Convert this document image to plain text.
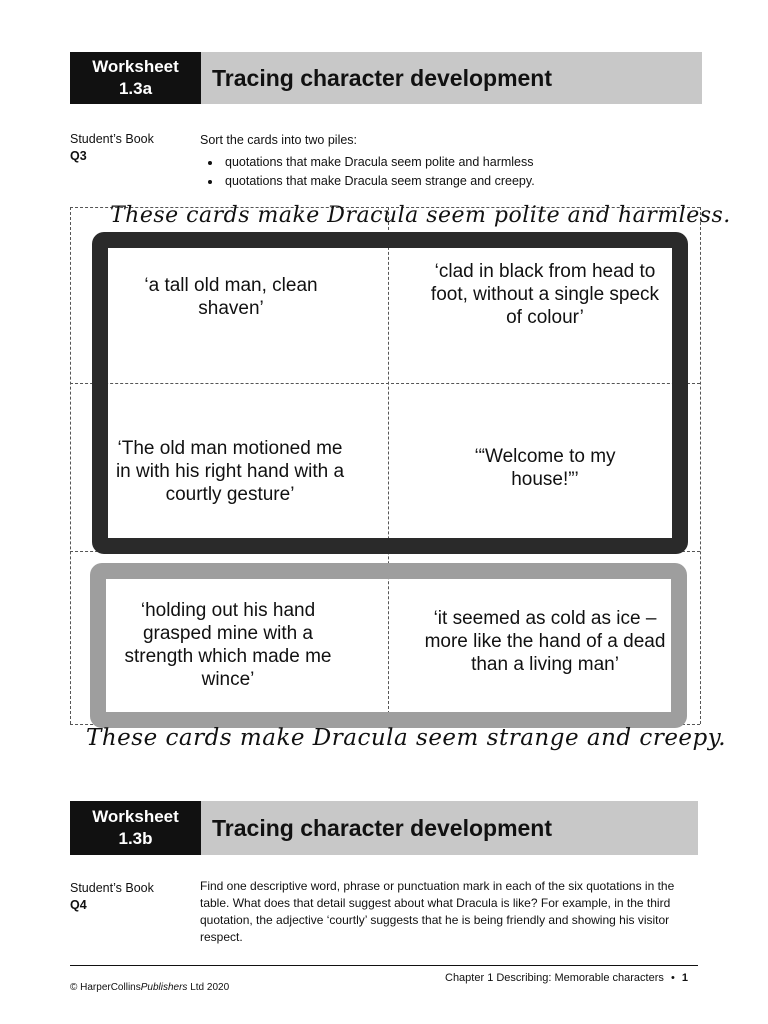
Worksheet
1.3a	Tracing character development
Student’s Book
Q3
Sort the cards into two piles:
• quotations that make Dracula seem polite and harmless
• quotations that make Dracula seem strange and creepy.
‘a tall old man, clean shaven’
‘clad in black from head to foot, without a single speck of colour’
‘The old man motioned me in with his right hand with a courtly gesture’
‘“Welcome to my house!”’
‘holding out his hand grasped mine with a strength which made me wince’
‘it seemed as cold as ice – more like the hand of a dead than a living man’
These cards make Dracula seem polite and harmless.
These cards make Dracula seem strange and creepy.
Worksheet
1.3b	Tracing character development
Student’s Book
Q4
Find one descriptive word, phrase or punctuation mark in each of the six quotations in the table. What does that detail suggest about what Dracula is like? For example, in the third quotation, the adjective ‘courtly’ suggests that he is being friendly and showing his visitor respect.
© HarperCollinsPublishers Ltd 2020
Chapter 1 Describing: Memorable characters • 1
